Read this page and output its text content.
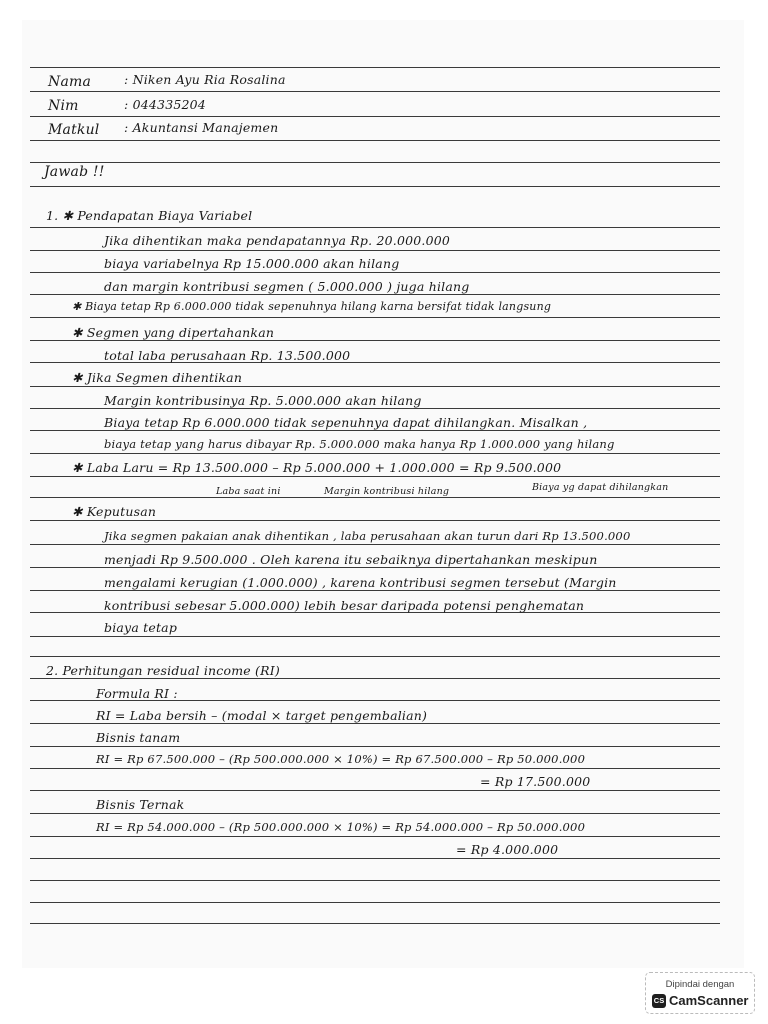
Nama	: Niken Ayu Ria Rosalina
Nim	: 044335204
Matkul : Akuntansi Manajemen
Jawab !!
1. ✱ Pendapatan Biaya Variabel
Jika dihentikan maka pendapatannya Rp. 20.000.000
biaya variabelnya Rp 15.000.000 akan hilang
dan margin kontribusi segmen ( 5.000.000 ) juga hilang
✱ Biaya tetap Rp 6.000.000 tidak sepenuhnya hilang karna bersifat tidak langsung
✱ Segmen yang dipertahankan
total laba perusahaan Rp. 13.500.000
✱ Jika Segmen dihentikan
Margin kontribusinya Rp. 5.000.000 akan hilang
Biaya tetap Rp 6.000.000 tidak sepenuhnya dapat dihilangkan. Misalkan ,
biaya tetap yang harus dibayar Rp. 5.000.000 maka hanya Rp 1.000.000 yang hilang
✱ Laba Laru = Rp 13.500.000 – Rp 5.000.000 + 1.000.000 = Rp 9.500.000
Laba saat ini	Margin kontribusi hilang	Biaya yg dapat dihilangkan
✱ Keputusan
Jika segmen pakaian anak dihentikan , laba perusahaan akan turun dari Rp 13.500.000
menjadi Rp 9.500.000 . Oleh karena itu sebaiknya dipertahankan meskipun
mengalami kerugian (1.000.000) , karena kontribusi segmen tersebut (Margin
kontribusi sebesar 5.000.000) lebih besar daripada potensi penghematan
biaya tetap
2. Perhitungan residual income (RI)
Formula RI :
RI = Laba bersih – (modal × target pengembalian)
Bisnis tanam
RI = Rp 67.500.000 – (Rp 500.000.000 × 10%) = Rp 67.500.000 – Rp 50.000.000
= Rp 17.500.000
Bisnis Ternak
RI = Rp 54.000.000 – (Rp 500.000.000 × 10%) = Rp 54.000.000 – Rp 50.000.000
= Rp 4.000.000
Dipindai dengan
CS CamScanner
